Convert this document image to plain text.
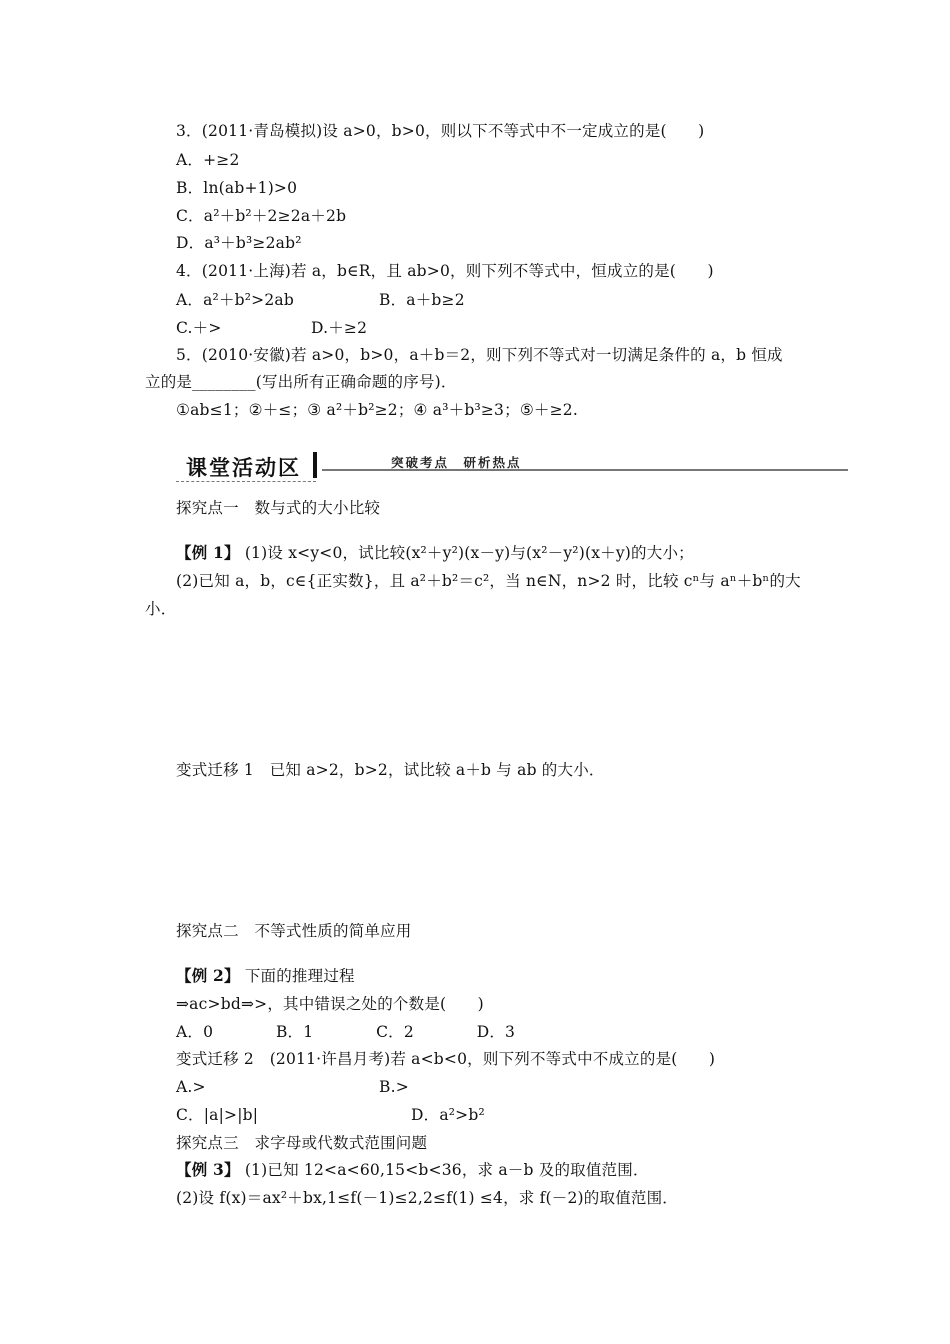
3．(2011·青岛模拟)设 a>0，b>0，则以下不等式中不一定成立的是(　　)
A．+≥2
B．ln(ab+1)>0
C．a²＋b²＋2≥2a＋2b
D．a³＋b³≥2ab²
4．(2011·上海)若 a，b∈R，且 ab>0，则下列不等式中，恒成立的是(　　)
A．a²＋b²>2ab	B．a＋b≥2
C.＋>	D.＋≥2
5．(2010·安徽)若 a>0，b>0，a＋b＝2，则下列不等式对一切满足条件的 a，b 恒成
立的是________(写出所有正确命题的序号)．
①ab≤1；②＋≤；③ a²＋b²≥2；④ a³＋b³≥3；⑤＋≥2.
课堂活动区	突破考点　研析热点
探究点一　数与式的大小比较
【例 1】 (1)设 x<y<0，试比较(x²＋y²)(x－y)与(x²－y²)(x＋y)的大小；
(2)已知 a，b，c∈{正实数}，且 a²＋b²＝c²，当 n∈N，n>2 时，比较 cⁿ与 aⁿ＋bⁿ的大
小．
变式迁移 1　已知 a>2，b>2，试比较 a＋b 与 ab 的大小．
探究点二　不等式性质的简单应用
【例 2】 下面的推理过程
⇒ac>bd⇒>，其中错误之处的个数是(　　)
A．0　　　　B．1　　　　C．2　　　　D．3
变式迁移 2　(2011·许昌月考)若 a<b<0，则下列不等式中不成立的是(　　)
A.>	B.>
C．|a|>|b|	D．a²>b²
探究点三　求字母或代数式范围问题
【例 3】 (1)已知 12<a<60,15<b<36，求 a－b 及的取值范围．
(2)设 f(x)＝ax²＋bx,1≤f(－1)≤2,2≤f(1) ≤4，求 f(－2)的取值范围．
